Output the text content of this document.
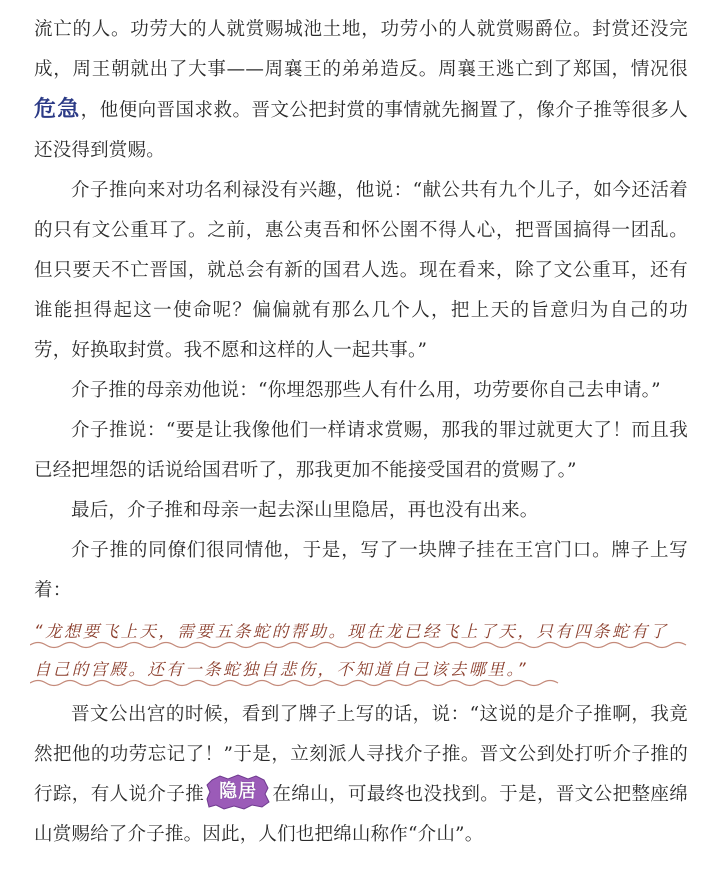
流亡的人。功劳大的人就赏赐城池土地，功劳小的人就赏赐爵位。封赏还没完成，周王朝就出了大事——周襄王的弟弟造反。周襄王逃亡到了郑国，情况很危急，他便向晋国求救。晋文公把封赏的事情就先搁置了，像介子推等很多人还没得到赏赐。

介子推向来对功名利禄没有兴趣，他说：“献公共有九个儿子，如今还活着的只有文公重耳了。之前，惠公夷吾和怀公圉不得人心，把晋国搞得一团乱。但只要天不亡晋国，就总会有新的国君人选。现在看来，除了文公重耳，还有谁能担得起这一使命呢？偏偏就有那么几个人，把上天的旨意归为自己的功劳，好换取封赏。我不愿和这样的人一起共事。”

介子推的母亲劝他说：“你埋怨那些人有什么用，功劳要你自己去申请。”

介子推说：“要是让我像他们一样请求赏赐，那我的罪过就更大了！而且我已经把埋怨的话说给国君听了，那我更加不能接受国君的赏赐了。”

最后，介子推和母亲一起去深山里隐居，再也没有出来。

介子推的同僚们很同情他，于是，写了一块牌子挂在王宫门口。牌子上写着：

“龙想要飞上天，需要五条蛇的帮助。现在龙已经飞上了天，只有四条蛇有了
自己的宫殿。还有一条蛇独自悲伤，不知道自己该去哪里。”

晋文公出宫的时候，看到了牌子上写的话，说：“这说的是介子推啊，我竟然把他的功劳忘记了！”于是，立刻派人寻找介子推。晋文公到处打听介子推的行踪，有人说介子推 隐居 在绵山，可最终也没找到。于是，晋文公把整座绵山赏赐给了介子推。因此，人们也把绵山称作“介山”。
